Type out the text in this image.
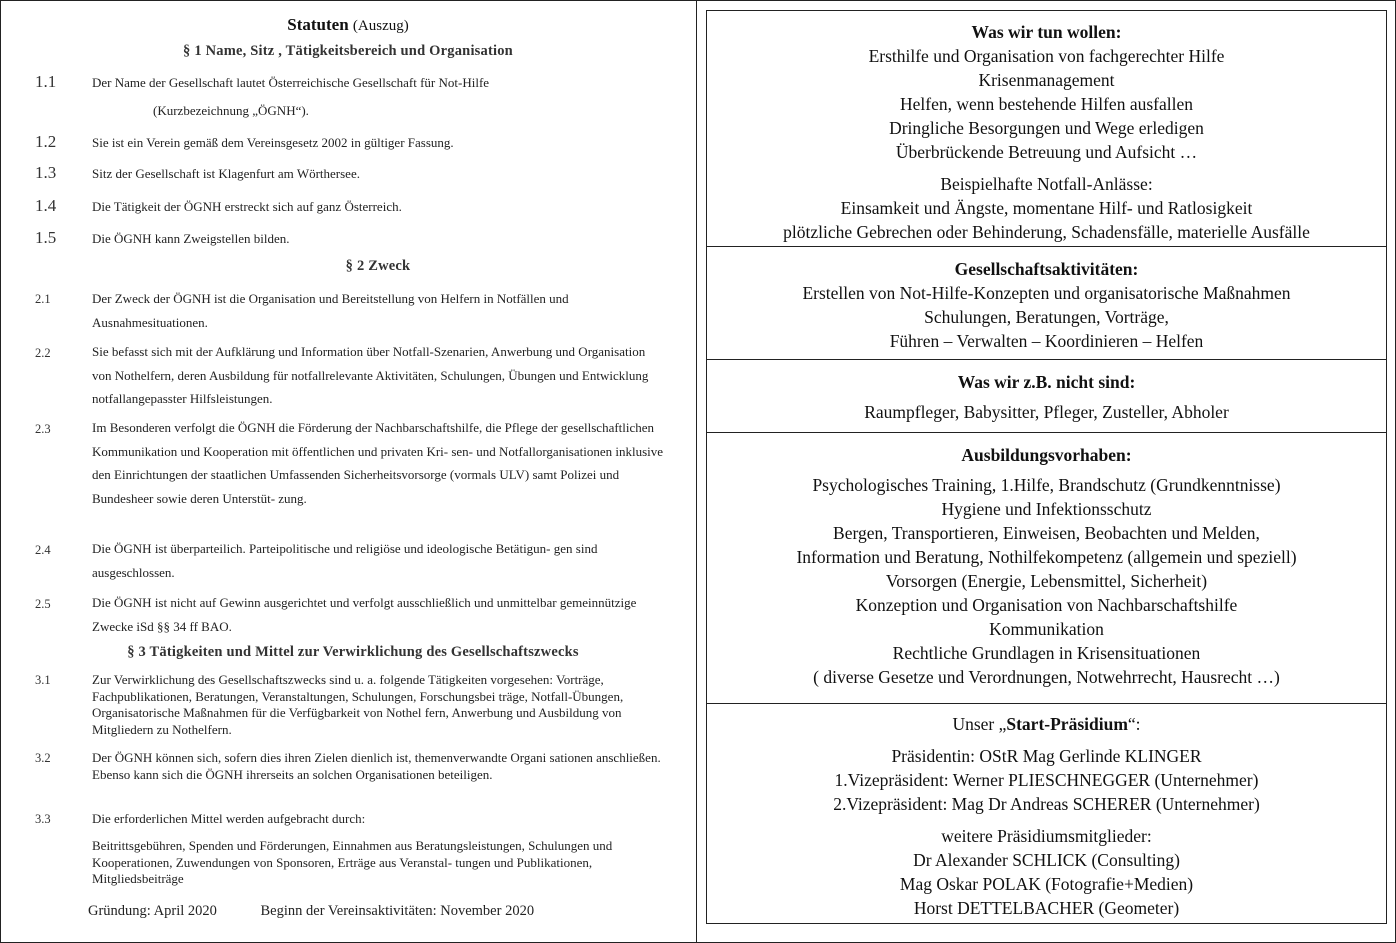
Statuten (Auszug)
§ 1 Name, Sitz , Tätigkeitsbereich und Organisation
1.1	Der Name der Gesellschaft lautet Österreichische Gesellschaft für Not-Hilfe
(Kurzbezeichnung „ÖGNH“).
1.2	Sie ist ein Verein gemäß dem Vereinsgesetz 2002 in gültiger Fassung.
1.3	Sitz der Gesellschaft ist Klagenfurt am Wörthersee.
1.4	Die Tätigkeit der ÖGNH erstreckt sich auf ganz Österreich.
1.5	Die ÖGNH kann Zweigstellen bilden.
§ 2 Zweck
2.1	Der Zweck der ÖGNH ist die Organisation und Bereitstellung von Helfern in Notfällen und Ausnahmesituationen.
2.2	Sie befasst sich mit der Aufklärung und Information über Notfall-Szenarien, Anwerbung und Organisation von Nothelfern, deren Ausbildung für notfallrelevante Aktivitäten, Schulungen, Übungen und Entwicklung notfallangepasster Hilfsleistungen.
2.3	Im Besonderen verfolgt die ÖGNH die Förderung der Nachbarschaftshilfe, die Pflege der gesellschaftlichen Kommunikation und Kooperation mit öffentlichen und privaten Kri- sen- und Notfallorganisationen inklusive den Einrichtungen der staatlichen Umfassenden Sicherheitsvorsorge (vormals ULV) samt Polizei und Bundesheer sowie deren Unterstüt- zung.
2.4	Die ÖGNH ist überparteilich. Parteipolitische und religiöse und ideologische Betätigun- gen sind ausgeschlossen.
2.5	Die ÖGNH ist nicht auf Gewinn ausgerichtet und verfolgt ausschließlich und unmittelbar gemeinnützige Zwecke iSd §§ 34 ff BAO.
§ 3 Tätigkeiten und Mittel zur Verwirklichung des Gesellschaftszwecks
3.1	Zur Verwirklichung des Gesellschaftszwecks sind u. a. folgende Tätigkeiten vorgesehen: Vorträge, Fachpublikationen, Beratungen, Veranstaltungen, Schulungen, Forschungsbei träge, Notfall-Übungen, Organisatorische Maßnahmen für die Verfügbarkeit von Nothel fern, Anwerbung und Ausbildung von Mitgliedern zu Nothelfern.
3.2	Der ÖGNH können sich, sofern dies ihren Zielen dienlich ist, themenverwandte Organi sationen anschließen. Ebenso kann sich die ÖGNH ihrerseits an solchen Organisationen beteiligen.
3.3	Die erforderlichen Mittel werden aufgebracht durch:
Beitrittsgebühren, Spenden und Förderungen, Einnahmen aus Beratungsleistungen, Schulungen und Kooperationen, Zuwendungen von Sponsoren, Erträge aus Veranstal- tungen und Publikationen, Mitgliedsbeiträge
Gründung: April 2020	Beginn der Vereinsaktivitäten: November 2020

Was wir tun wollen:

Ersthilfe und Organisation von fachgerechter Hilfe

Krisenmanagement

Helfen, wenn bestehende Hilfen ausfallen

Dringliche Besorgungen und Wege erledigen

Überbrückende Betreuung und Aufsicht …

Beispielhafte Notfall-Anlässe:

Einsamkeit und Ängste, momentane Hilf- und Ratlosigkeit

plötzliche Gebrechen oder Behinderung, Schadensfälle, materielle Ausfälle

Gesellschaftsaktivitäten:

Erstellen von Not-Hilfe-Konzepten und organisatorische Maßnahmen

Schulungen, Beratungen, Vorträge,

Führen – Verwalten – Koordinieren – Helfen

Was wir z.B. nicht sind:

Raumpfleger, Babysitter, Pfleger, Zusteller, Abholer

Ausbildungsvorhaben:

Psychologisches Training, 1.Hilfe, Brandschutz (Grundkenntnisse)

Hygiene und Infektionsschutz

Bergen, Transportieren, Einweisen, Beobachten und Melden,

Information und Beratung, Nothilfekompetenz (allgemein und speziell)

Vorsorgen (Energie, Lebensmittel, Sicherheit)

Konzeption und Organisation von Nachbarschaftshilfe

Kommunikation

Rechtliche Grundlagen in Krisensituationen

( diverse Gesetze und Verordnungen, Notwehrrecht, Hausrecht …)

Unser „Start-Präsidium“:

Präsidentin: OStR Mag Gerlinde KLINGER

1.Vizepräsident: Werner PLIESCHNEGGER (Unternehmer)

2.Vizepräsident: Mag Dr Andreas SCHERER (Unternehmer)

weitere Präsidiumsmitglieder:

Dr Alexander SCHLICK (Consulting)

Mag Oskar POLAK (Fotografie+Medien)

Horst DETTELBACHER (Geometer)
